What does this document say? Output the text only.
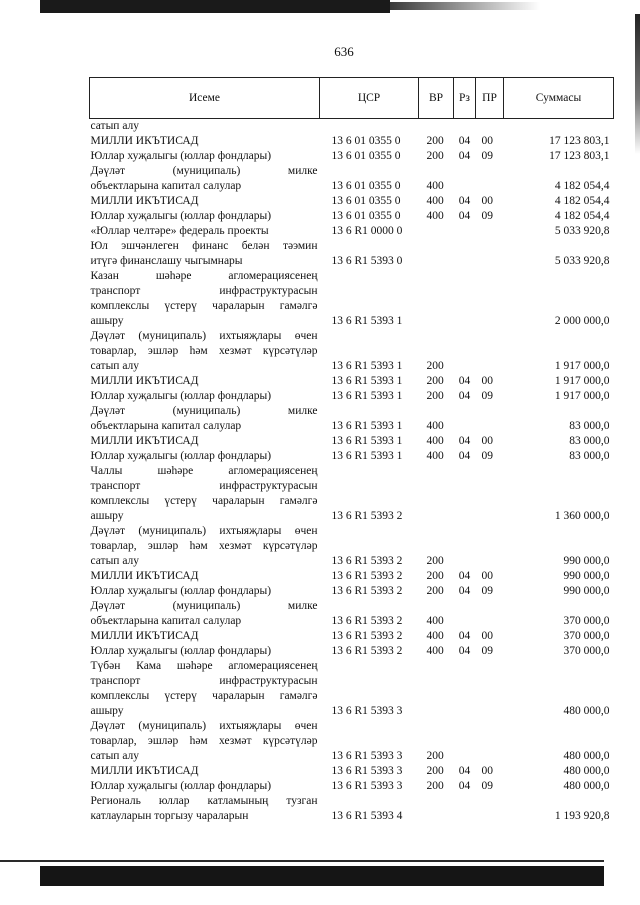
636
Исеме	ЦСР	ВР	Рз	ПР	Суммасы

сатып алу					

МИЛЛИ ИКЪТИСАД	13 6 01 0355 0	200	04	00	17 123 803,1

Юллар хуҗалыгы (юллар фондлары)	13 6 01 0355 0	200	04	09	17 123 803,1

Дәүләт (муниципаль) милке
объектларына капитал салулар	13 6 01 0355 0	400			4 182 054,4

МИЛЛИ ИКЪТИСАД	13 6 01 0355 0	400	04	00	4 182 054,4

Юллар хуҗалыгы (юллар фондлары)	13 6 01 0355 0	400	04	09	4 182 054,4

«Юллар челтәре» федераль проекты	13 6 R1 0000 0				5 033 920,8

Юл эшчәнлеген финанс белән тәэмин
итүгә финанслашу чыгымнары	13 6 R1 5393 0				5 033 920,8

Казан шәһәре агломерациясенең
транспорт инфраструктурасын
комплекслы үстерү чараларын гамәлгә
ашыру	13 6 R1 5393 1				2 000 000,0

Дәүләт (муниципаль) ихтыяҗлары өчен
товарлар, эшләр һәм хезмәт күрсәтүләр
сатып алу	13 6 R1 5393 1	200			1 917 000,0

МИЛЛИ ИКЪТИСАД	13 6 R1 5393 1	200	04	00	1 917 000,0

Юллар хуҗалыгы (юллар фондлары)	13 6 R1 5393 1	200	04	09	1 917 000,0

Дәүләт (муниципаль) милке
объектларына капитал салулар	13 6 R1 5393 1	400			83 000,0

МИЛЛИ ИКЪТИСАД	13 6 R1 5393 1	400	04	00	83 000,0

Юллар хуҗалыгы (юллар фондлары)	13 6 R1 5393 1	400	04	09	83 000,0

Чаллы шәһәре агломерациясенең
транспорт инфраструктурасын
комплекслы үстерү чараларын гамәлгә
ашыру	13 6 R1 5393 2				1 360 000,0

Дәүләт (муниципаль) ихтыяҗлары өчен
товарлар, эшләр һәм хезмәт күрсәтүләр
сатып алу	13 6 R1 5393 2	200			990 000,0

МИЛЛИ ИКЪТИСАД	13 6 R1 5393 2	200	04	00	990 000,0

Юллар хуҗалыгы (юллар фондлары)	13 6 R1 5393 2	200	04	09	990 000,0

Дәүләт (муниципаль) милке
объектларына капитал салулар	13 6 R1 5393 2	400			370 000,0

МИЛЛИ ИКЪТИСАД	13 6 R1 5393 2	400	04	00	370 000,0

Юллар хуҗалыгы (юллар фондлары)	13 6 R1 5393 2	400	04	09	370 000,0

Түбән Кама шәһәре агломерациясенең
транспорт инфраструктурасын
комплекслы үстерү чараларын гамәлгә
ашыру	13 6 R1 5393 3				480 000,0

Дәүләт (муниципаль) ихтыяҗлары өчен
товарлар, эшләр һәм хезмәт күрсәтүләр
сатып алу	13 6 R1 5393 3	200			480 000,0

МИЛЛИ ИКЪТИСАД	13 6 R1 5393 3	200	04	00	480 000,0

Юллар хуҗалыгы (юллар фондлары)	13 6 R1 5393 3	200	04	09	480 000,0

Региональ юллар катламының тузган
катлауларын торгызу чараларын	13 6 R1 5393 4				1 193 920,8
